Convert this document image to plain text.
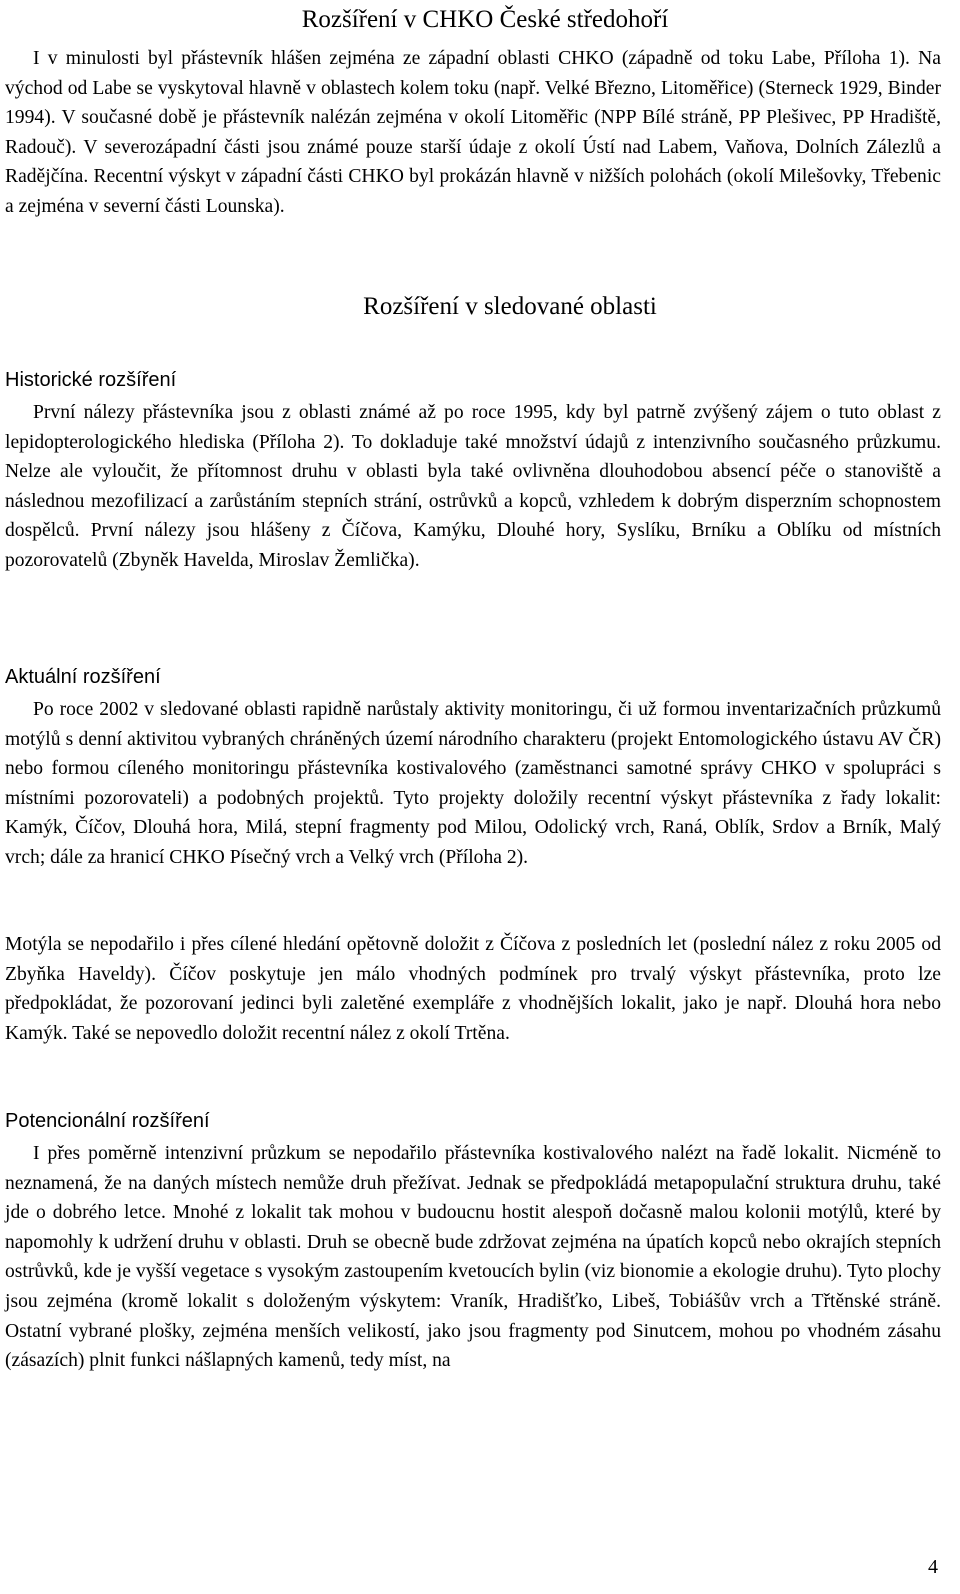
Rozšíření v CHKO České středohoří

I v minulosti byl přástevník hlášen zejména ze západní oblasti CHKO (západně od toku Labe, Příloha 1). Na východ od Labe se vyskytoval hlavně v oblastech kolem toku (např. Velké Březno, Litoměřice) (Sterneck 1929, Binder 1994). V současné době je přástevník nalézán zejména v okolí Litoměřic (NPP Bílé stráně, PP Plešivec, PP Hradiště, Radouč). V severozápadní části jsou známé pouze starší údaje z okolí Ústí nad Labem, Vaňova, Dolních Zálezlů a Radějčína. Recentní výskyt v západní části CHKO byl prokázán hlavně v nižších polohách (okolí Milešovky, Třebenic a zejména v severní části Lounska).

Rozšíření v sledované oblasti
Historické rozšíření

První nálezy přástevníka jsou z oblasti známé až po roce 1995, kdy byl patrně zvýšený zájem o tuto oblast z lepidopterologického hlediska (Příloha 2). To dokladuje také množství údajů z intenzivního současného průzkumu. Nelze ale vyloučit, že přítomnost druhu v oblasti byla také ovlivněna dlouhodobou absencí péče o stanoviště a následnou mezofilizací a zarůstáním stepních strání, ostrůvků a kopců, vzhledem k dobrým disperzním schopnostem dospělců. První nálezy jsou hlášeny z Číčova, Kamýku, Dlouhé hory, Syslíku, Brníku a Oblíku od místních pozorovatelů (Zbyněk Havelda, Miroslav Žemlička).

Aktuální rozšíření

Po roce 2002 v sledované oblasti rapidně narůstaly aktivity monitoringu, či už formou inventarizačních průzkumů motýlů s denní aktivitou vybraných chráněných území národního charakteru (projekt Entomologického ústavu AV ČR) nebo formou cíleného monitoringu přástevníka kostivalového (zaměstnanci samotné správy CHKO v spolupráci s místními pozorovateli) a podobných projektů. Tyto projekty doložily recentní výskyt přástevníka z řady lokalit: Kamýk, Číčov, Dlouhá hora, Milá, stepní fragmenty pod Milou, Odolický vrch, Raná, Oblík, Srdov a Brník, Malý vrch; dále za hranicí CHKO Písečný vrch a Velký vrch (Příloha 2).

Motýla se nepodařilo i přes cílené hledání opětovně doložit z Číčova z posledních let (poslední nález z roku 2005 od Zbyňka Haveldy). Číčov poskytuje jen málo vhodných podmínek pro trvalý výskyt přástevníka, proto lze předpokládat, že pozorovaní jedinci byli zaletěné exempláře z vhodnějších lokalit, jako je např. Dlouhá hora nebo Kamýk. Také se nepovedlo doložit recentní nález z okolí Trtěna.

Potencionální rozšíření

I přes poměrně intenzivní průzkum se nepodařilo přástevníka kostivalového nalézt na řadě lokalit. Nicméně to neznamená, že na daných místech nemůže druh přežívat. Jednak se předpokládá metapopulační struktura druhu, také jde o dobrého letce. Mnohé z lokalit tak mohou v budoucnu hostit alespoň dočasně malou kolonii motýlů, které by napomohly k udržení druhu v oblasti. Druh se obecně bude zdržovat zejména na úpatích kopců nebo okrajích stepních ostrůvků, kde je vyšší vegetace s vysokým zastoupením kvetoucích bylin (viz bionomie a ekologie druhu). Tyto plochy jsou zejména (kromě lokalit s doloženým výskytem: Vraník, Hradišťko, Libeš, Tobiášův vrch a Třtěnské stráně. Ostatní vybrané plošky, zejména menších velikostí, jako jsou fragmenty pod Sinutcem, mohou po vhodném zásahu (zásazích) plnit funkci nášlapných kamenů, tedy míst, na

4
